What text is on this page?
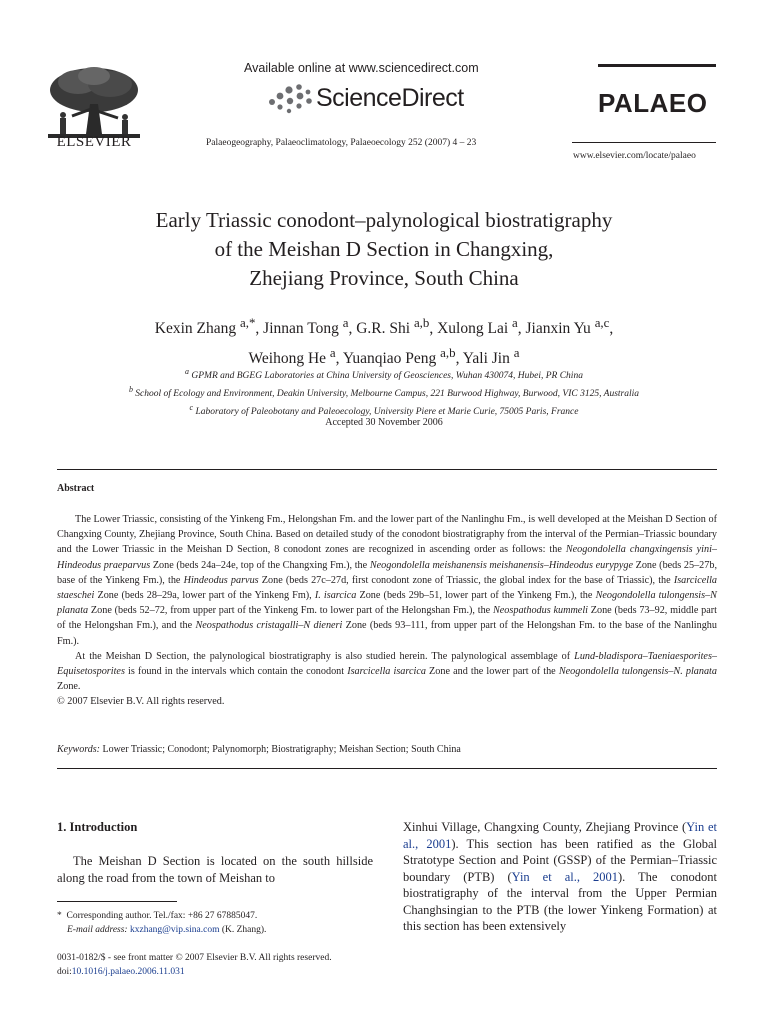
ELSEVIER
Available online at www.sciencedirect.com
ScienceDirect
Palaeogeography, Palaeoclimatology, Palaeoecology 252 (2007) 4 – 23
PALAEO
www.elsevier.com/locate/palaeo
Early Triassic conodont–palynological biostratigraphy
of the Meishan D Section in Changxing,
Zhejiang Province, South China
Kexin Zhang $^{a,*}$, Jinnan Tong $^a$, G.R. Shi $^{a,b}$, Xulong Lai $^a$, Jianxin Yu $^{a,c}$,
Weihong He $^a$, Yuanqiao Peng $^{a,b}$, Yali Jin $^a$
$^a$ GPMR and BGEG Laboratories at China University of Geosciences, Wuhan 430074, Hubei, PR China
$^b$ School of Ecology and Environment, Deakin University, Melbourne Campus, 221 Burwood Highway, Burwood, VIC 3125, Australia
$^c$ Laboratory of Paleobotany and Paleoecology, University Piere et Marie Curie, 75005 Paris, France
Accepted 30 November 2006
Abstract

The Lower Triassic, consisting of the Yinkeng Fm., Helongshan Fm. and the lower part of the Nanlinghu Fm., is well developed at the Meishan D Section of Changxing County, Zhejiang Province, South China. Based on detailed study of the conodont biostratigraphy from the interval of the Permian–Triassic boundary and the Lower Triassic in the Meishan D Section, 8 conodont zones are recognized in ascending order as follows: the Neogondolella changxingensis yini–Hindeodus praeparvus Zone (beds 24a–24e, top of the Changxing Fm.), the Neogondolella meishanensis meishanensis–Hindeodus eurypyge Zone (beds 25–27b, base of the Yinkeng Fm.), the Hindeodus parvus Zone (beds 27c–27d, first conodont zone of Triassic, the global index for the base of Triassic), the Isarcicella staeschei Zone (beds 28–29a, lower part of the Yinkeng Fm), I. isarcica Zone (beds 29b–51, lower part of the Yinkeng Fm.), the Neogondolella tulongensis–N planata Zone (beds 52–72, from upper part of the Yinkeng Fm. to lower part of the Helongshan Fm.), the Neospathodus kummeli Zone (beds 73–92, middle part of the Helongshan Fm.), and the Neospathodus cristagalli–N dieneri Zone (beds 93–111, from upper part of the Helongshan Fm. to the base of the Nanlinghu Fm.).

At the Meishan D Section, the palynological biostratigraphy is also studied herein. The palynological assemblage of Lund-bladispora–Taeniaesporites–Equisetosporites is found in the intervals which contain the conodont Isarcicella isarcica Zone and the lower part of the Neogondolella tulongensis–N. planata Zone.

© 2007 Elsevier B.V. All rights reserved.
Keywords: Lower Triassic; Conodont; Palynomorph; Biostratigraphy; Meishan Section; South China
1. Introduction
The Meishan D Section is located on the south hillside along the road from the town of Meishan to
Xinhui Village, Changxing County, Zhejiang Province (Yin et al., 2001). This section has been ratified as the Global Stratotype Section and Point (GSSP) of the Permian–Triassic boundary (PTB) (Yin et al., 2001). The conodont biostratigraphy of the interval from the Upper Permian Changhsingian to the PTB (the lower Yinkeng Formation) at this section has been extensively
* Corresponding author. Tel./fax: +86 27 67885047.
E-mail address: kxzhang@vip.sina.com (K. Zhang).
0031-0182/$ - see front matter © 2007 Elsevier B.V. All rights reserved.
doi:10.1016/j.palaeo.2006.11.031
